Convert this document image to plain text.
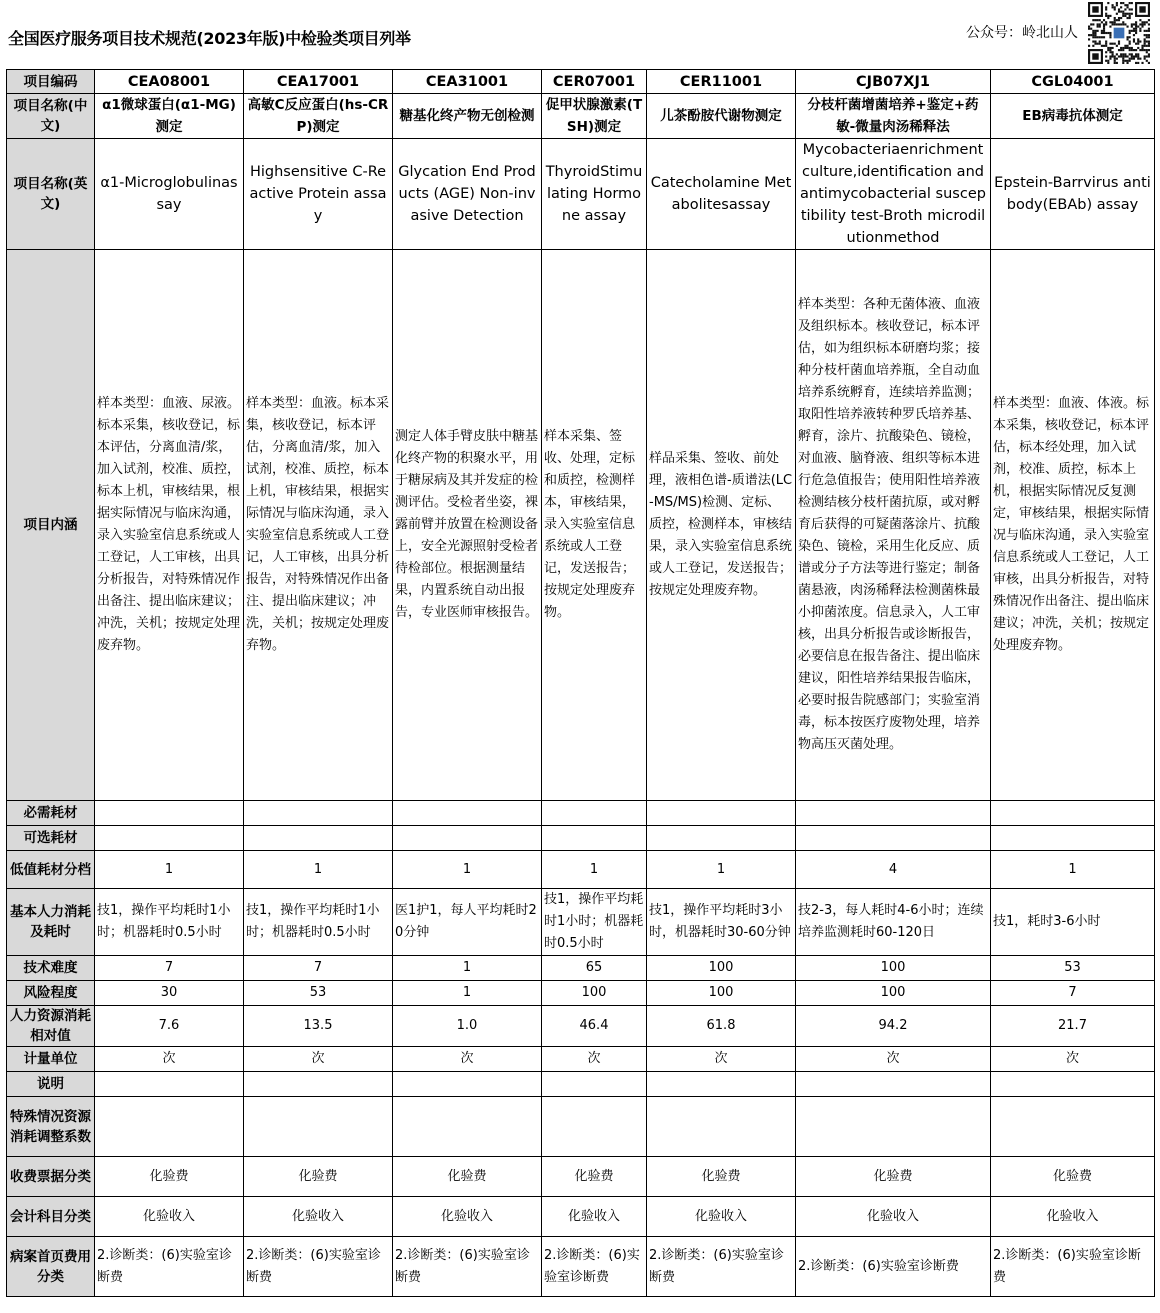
全国医疗服务项目技术规范(2023年版)中检验类项目列举	公众号：岭北山人
项目编码	CEA08001	CEA17001	CEA31001	CER07001	CER11001	CJB07XJ1	CGL04001
项目名称(中文)	α1微球蛋白(α1-MG)测定	高敏C反应蛋白(hs-CRP)测定	糖基化终产物无创检测	促甲状腺激素(TSH)测定	儿茶酚胺代谢物测定	分枝杆菌增菌培养+鉴定+药敏-微量肉汤稀释法	EB病毒抗体测定
项目名称(英文)	α1-Microglobulinassay	Highsensitive C-Reactive Protein assay	Glycation End Products (AGE) Non-invasive Detection	ThyroidStimulating Hormone assay	Catecholamine Metabolitesassay	Mycobacteriaenrichment culture,identification and antimycobacterial susceptibility test-Broth microdilutionmethod	Epstein-Barrvirus antibody(EBAb) assay
项目内涵	样本类型：血液、尿液。标本采集，核收登记，标本评估，分离血清/浆，加入试剂，校准、质控，标本上机，审核结果，根据实际情况与临床沟通，录入实验室信息系统或人工登记，人工审核，出具分析报告，对特殊情况作出备注、提出临床建议；冲洗，关机；按规定处理废弃物。	样本类型：血液。标本采集，核收登记，标本评估，分离血清/浆，加入试剂，校准、质控，标本上机，审核结果，根据实际情况与临床沟通，录入实验室信息系统或人工登记，人工审核，出具分析报告，对特殊情况作出备注、提出临床建议；冲洗，关机；按规定处理废弃物。	测定人体手臂皮肤中糖基化终产物的积聚水平，用于糖尿病及其并发症的检测评估。受检者坐姿，裸露前臂并放置在检测设备上，安全光源照射受检者待检部位。根据测量结果，内置系统自动出报告，专业医师审核报告。	样本采集、签收、处理，定标和质控，检测样本，审核结果，录入实验室信息系统或人工登记，发送报告；按规定处理废弃物。	样品采集、签收、前处理，液相色谱-质谱法(LC-MS/MS)检测、定标、质控，检测样本，审核结果，录入实验室信息系统或人工登记，发送报告；按规定处理废弃物。	样本类型：各种无菌体液、血液及组织标本。核收登记，标本评估，如为组织标本研磨均浆；接种分枝杆菌血培养瓶，全自动血培养系统孵育，连续培养监测；取阳性培养液转种罗氏培养基、孵育，涂片、抗酸染色、镜检，对血液、脑脊液、组织等标本进行危急值报告；使用阳性培养液检测结核分枝杆菌抗原，或对孵育后获得的可疑菌落涂片、抗酸染色、镜检，采用生化反应、质谱或分子方法等进行鉴定；制备菌悬液，肉汤稀释法检测菌株最小抑菌浓度。信息录入，人工审核，出具分析报告或诊断报告，必要信息在报告备注、提出临床建议，阳性培养结果报告临床，必要时报告院感部门；实验室消毒，标本按医疗废物处理，培养物高压灭菌处理。	样本类型：血液、体液。标本采集，核收登记，标本评估，标本经处理，加入试剂，校准、质控，标本上机，根据实际情况反复测定，审核结果，根据实际情况与临床沟通，录入实验室信息系统或人工登记，人工审核，出具分析报告，对特殊情况作出备注、提出临床建议；冲洗，关机；按规定处理废弃物。
必需耗材							
可选耗材							
低值耗材分档	1	1	1	1	1	4	1
基本人力消耗及耗时	技1，操作平均耗时1小时；机器耗时0.5小时	技1，操作平均耗时1小时；机器耗时0.5小时	医1护1，每人平均耗时20分钟	技1，操作平均耗时1小时；机器耗时0.5小时	技1，操作平均耗时3小时，机器耗时30-60分钟	技2-3，每人耗时4-6小时；连续培养监测耗时60-120日	技1，耗时3-6小时
技术难度	7	7	1	65	100	100	53
风险程度	30	53	1	100	100	100	7
人力资源消耗相对值	7.6	13.5	1.0	46.4	61.8	94.2	21.7
计量单位	次	次	次	次	次	次	次
说明							
特殊情况资源消耗调整系数							
收费票据分类	化验费	化验费	化验费	化验费	化验费	化验费	化验费
会计科目分类	化验收入	化验收入	化验收入	化验收入	化验收入	化验收入	化验收入
病案首页费用分类	2.诊断类：(6)实验室诊断费	2.诊断类：(6)实验室诊断费	2.诊断类：(6)实验室诊断费	2.诊断类：(6)实验室诊断费	2.诊断类：(6)实验室诊断费	2.诊断类：(6)实验室诊断费	2.诊断类：(6)实验室诊断费
